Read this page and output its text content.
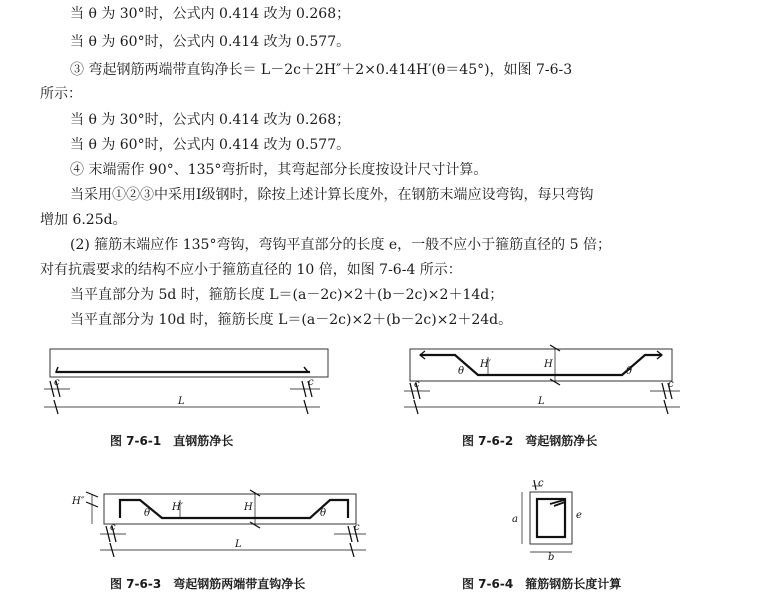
当 θ 为 30°时，公式内 0.414 改为 0.268；
当 θ 为 60°时，公式内 0.414 改为 0.577。
③ 弯起钢筋两端带直钩净长＝ L－2c＋2H″＋2×0.414H′(θ＝45°)，如图 7-6-3
所示：
当 θ 为 30°时，公式内 0.414 改为 0.268；
当 θ 为 60°时，公式内 0.414 改为 0.577。
④ 末端需作 90°、135°弯折时，其弯起部分长度按设计尺寸计算。
当采用①②③中采用Ⅰ级钢时，除按上述计算长度外，在钢筋末端应设弯钩，每只弯钩
增加 6.25d。
(2) 箍筋末端应作 135°弯钩，弯钩平直部分的长度 e，一般不应小于箍筋直径的 5 倍；
对有抗震要求的结构不应小于箍筋直径的 10 倍，如图 7-6-4 所示：
当平直部分为 5d 时，箍筋长度 L＝(a－2c)×2＋(b－2c)×2＋14d；
当平直部分为 10d 时，箍筋长度 L＝(a－2c)×2＋(b－2c)×2＋24d。
c	c
L
图 7-6-1　直钢筋净长
H′	H
θ	θ
c	c
L
图 7-6-2　弯起钢筋净长
H″
H′	H
θ	θ
c	c
L
图 7-6-3　弯起钢筋两端带直钩净长
c
a
b
e
图 7-6-4　箍筋钢筋长度计算
